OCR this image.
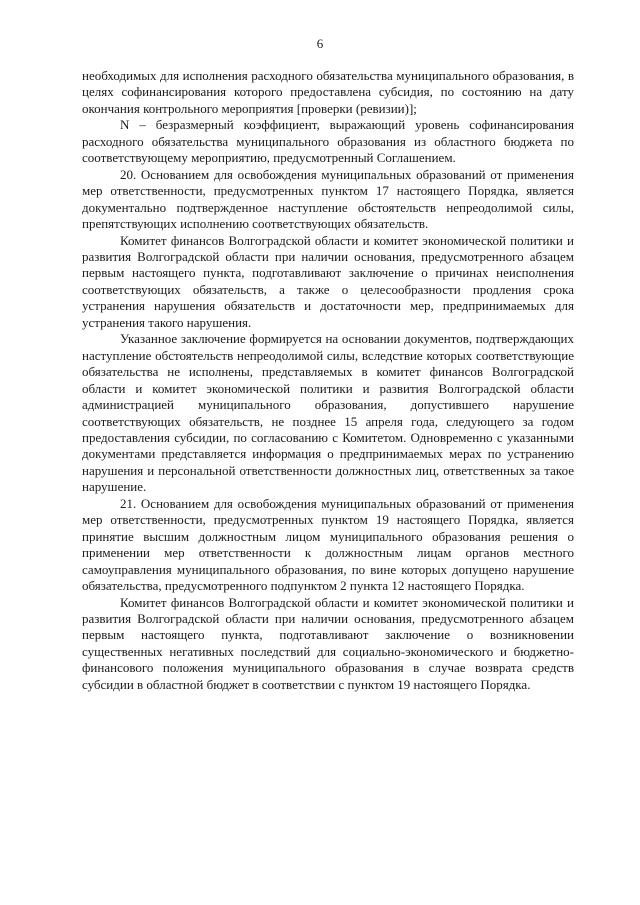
6

необходимых для исполнения расходного обязательства муниципального образования, в целях софинансирования которого предоставлена субсидия, по состоянию на дату окончания контрольного мероприятия [проверки (ревизии)];

N – безразмерный коэффициент, выражающий уровень софинансирования расходного обязательства муниципального образования из областного бюджета по соответствующему мероприятию, предусмотренный Соглашением.

20. Основанием для освобождения муниципальных образований от применения мер ответственности, предусмотренных пунктом 17 настоящего Порядка, является документально подтвержденное наступление обстоятельств непреодолимой силы, препятствующих исполнению соответствующих обязательств.

Комитет финансов Волгоградской области и комитет экономической политики и развития Волгоградской области при наличии основания, предусмотренного абзацем первым настоящего пункта, подготавливают заключение о причинах неисполнения соответствующих обязательств, а также о целесообразности продления срока устранения нарушения обязательств и достаточности мер, предпринимаемых для устранения такого нарушения.

Указанное заключение формируется на основании документов, подтверждающих наступление обстоятельств непреодолимой силы, вследствие которых соответствующие обязательства не исполнены, представляемых в комитет финансов Волгоградской области и комитет экономической политики и развития Волгоградской области администрацией муниципального образования, допустившего нарушение соответствующих обязательств, не позднее 15 апреля года, следующего за годом предоставления субсидии, по согласованию с Комитетом. Одновременно с указанными документами представляется информация о предпринимаемых мерах по устранению нарушения и персональной ответственности должностных лиц, ответственных за такое нарушение.

21. Основанием для освобождения муниципальных образований от применения мер ответственности, предусмотренных пунктом 19 настоящего Порядка, является принятие высшим должностным лицом муниципального образования решения о применении мер ответственности к должностным лицам органов местного самоуправления муниципального образования, по вине которых допущено нарушение обязательства, предусмотренного подпунктом 2 пункта 12 настоящего Порядка.

Комитет финансов Волгоградской области и комитет экономической политики и развития Волгоградской области при наличии основания, предусмотренного абзацем первым настоящего пункта, подготавливают заключение о возникновении существенных негативных последствий для социально-экономического и бюджетно-финансового положения муниципального образования в случае возврата средств субсидии в областной бюджет в соответствии с пунктом 19 настоящего Порядка.
